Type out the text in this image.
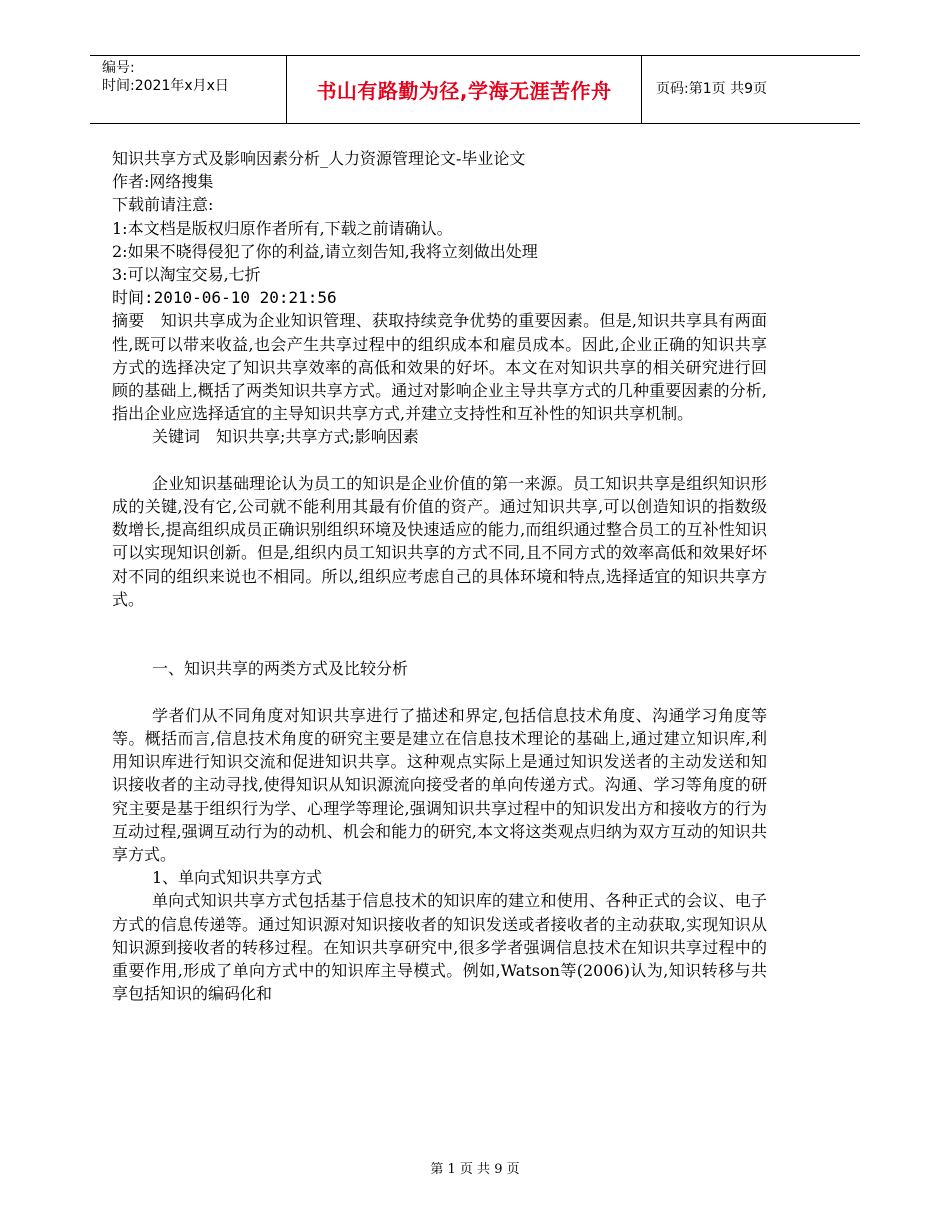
编号:
时间:2021年x月x日	书山有路勤为径,学海无涯苦作舟	页码:第1页 共9页
知识共享方式及影响因素分析_人力资源管理论文-毕业论文
作者:网络搜集
下载前请注意:
1:本文档是版权归原作者所有,下载之前请确认。
2:如果不晓得侵犯了你的利益,请立刻告知,我将立刻做出处理
3:可以淘宝交易,七折
时间:2010-06-10 20:21:56
摘要　知识共享成为企业知识管理、获取持续竞争优势的重要因素。但是,知识共享具有两面性,既可以带来收益,也会产生共享过程中的组织成本和雇员成本。因此,企业正确的知识共享方式的选择决定了知识共享效率的高低和效果的好坏。本文在对知识共享的相关研究进行回顾的基础上,概括了两类知识共享方式。通过对影响企业主导共享方式的几种重要因素的分析,指出企业应选择适宜的主导知识共享方式,并建立支持性和互补性的知识共享机制。
关键词　知识共享;共享方式;影响因素
企业知识基础理论认为员工的知识是企业价值的第一来源。员工知识共享是组织知识形成的关键,没有它,公司就不能利用其最有价值的资产。通过知识共享,可以创造知识的指数级数增长,提高组织成员正确识别组织环境及快速适应的能力,而组织通过整合员工的互补性知识可以实现知识创新。但是,组织内员工知识共享的方式不同,且不同方式的效率高低和效果好坏对不同的组织来说也不相同。所以,组织应考虑自己的具体环境和特点,选择适宜的知识共享方式。
一、知识共享的两类方式及比较分析
学者们从不同角度对知识共享进行了描述和界定,包括信息技术角度、沟通学习角度等等。概括而言,信息技术角度的研究主要是建立在信息技术理论的基础上,通过建立知识库,利用知识库进行知识交流和促进知识共享。这种观点实际上是通过知识发送者的主动发送和知识接收者的主动寻找,使得知识从知识源流向接受者的单向传递方式。沟通、学习等角度的研究主要是基于组织行为学、心理学等理论,强调知识共享过程中的知识发出方和接收方的行为互动过程,强调互动行为的动机、机会和能力的研究,本文将这类观点归纳为双方互动的知识共享方式。
1、单向式知识共享方式
单向式知识共享方式包括基于信息技术的知识库的建立和使用、各种正式的会议、电子方式的信息传递等。通过知识源对知识接收者的知识发送或者接收者的主动获取,实现知识从知识源到接收者的转移过程。在知识共享研究中,很多学者强调信息技术在知识共享过程中的重要作用,形成了单向方式中的知识库主导模式。例如,Watson等(2006)认为,知识转移与共享包括知识的编码化和
第 1 页 共 9 页
